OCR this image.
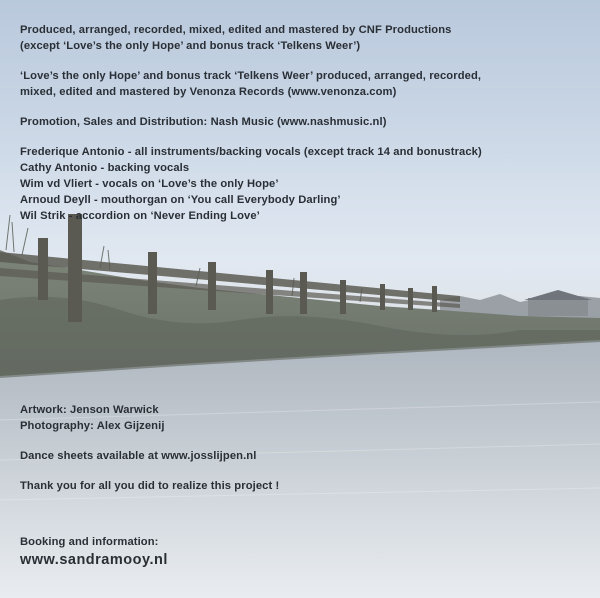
Produced, arranged, recorded, mixed, edited and mastered by CNF Productions
(except ‘Love’s the only Hope’ and bonus track ‘Telkens Weer’)
‘Love’s the only Hope’ and bonus track ‘Telkens Weer’ produced, arranged, recorded,
mixed, edited and mastered by Venonza Records (www.venonza.com)
Promotion, Sales and Distribution: Nash Music (www.nashmusic.nl)
Frederique Antonio - all instruments/backing vocals (except track 14 and bonustrack)
Cathy Antonio - backing vocals
Wim vd Vliert - vocals on ‘Love’s the only Hope’
Arnoud Deyll - mouthorgan on ‘You call Everybody Darling’
Wil Strik - accordion on ‘Never Ending Love’
Artwork: Jenson Warwick
Photography: Alex Gijzenij
Dance sheets available at www.josslijpen.nl
Thank you for all you did to realize this project !
Booking and information:
www.sandramooy.nl
